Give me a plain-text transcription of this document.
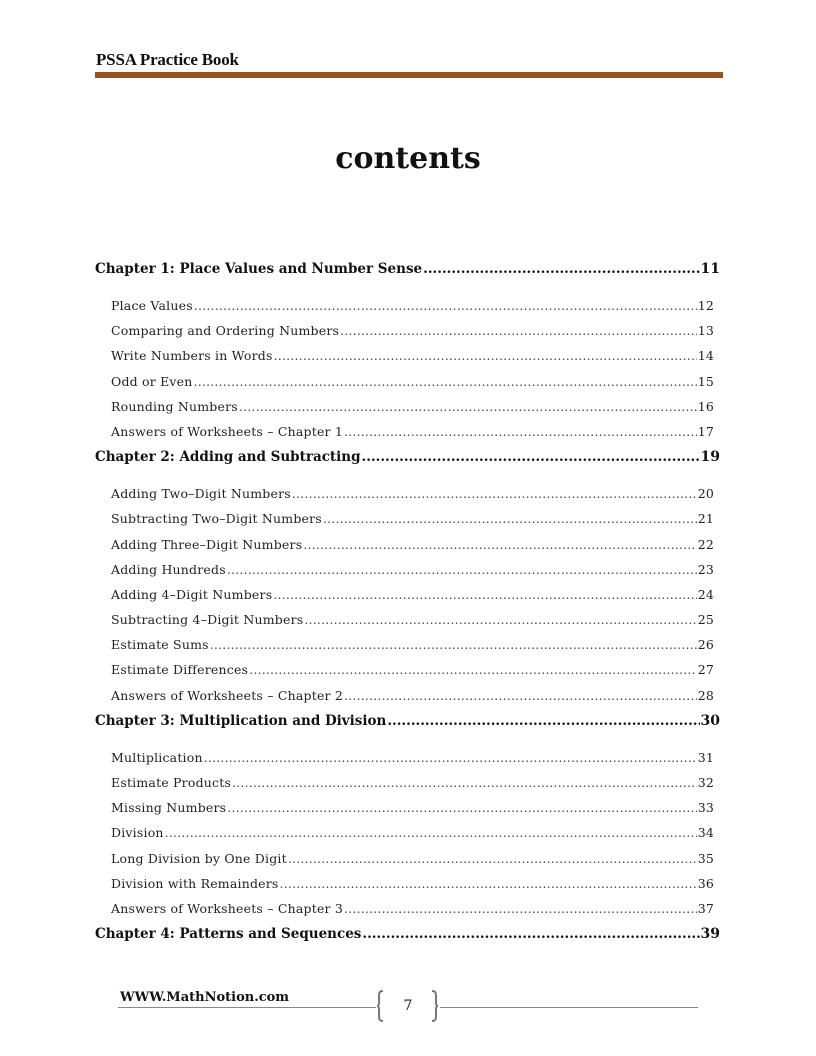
PSSA Practice Book
contents
Chapter 1: Place Values and Number Sense .....	11
Place Values .....	12
Comparing and Ordering Numbers .....	13
Write Numbers in Words .....	14
Odd or Even .....	15
Rounding Numbers .....	16
Answers of Worksheets – Chapter 1 .....	17
Chapter 2: Adding and Subtracting .....	19
Adding Two–Digit Numbers .....	20
Subtracting Two–Digit Numbers .....	21
Adding Three–Digit Numbers .....	22
Adding Hundreds .....	23
Adding 4–Digit Numbers .....	24
Subtracting 4–Digit Numbers .....	25
Estimate Sums .....	26
Estimate Differences .....	27
Answers of Worksheets – Chapter 2 .....	28
Chapter 3: Multiplication and Division .....	30
Multiplication .....	31
Estimate Products .....	32
Missing Numbers .....	33
Division .....	34
Long Division by One Digit .....	35
Division with Remainders .....	36
Answers of Worksheets – Chapter 3 .....	37
Chapter 4: Patterns and Sequences .....	39
WWW.MathNotion.com
7
